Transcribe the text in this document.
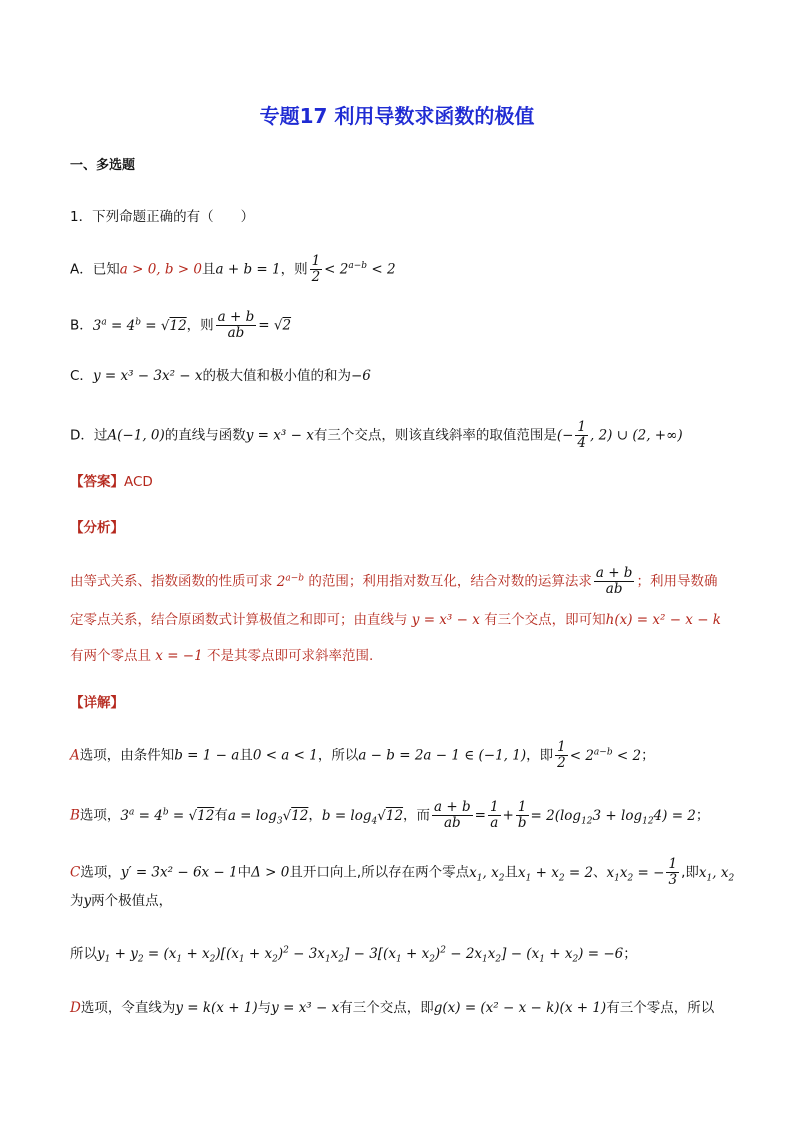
专题17 利用导数求函数的极值
一、多选题
1．下列命题正确的有（　　）
A．已知a > 0, b > 0且a + b = 1，则 $\frac{1}{2} < 2^{a-b} < 2$
B．$3^a = 4^b = √12$，则 $\frac{a + b}{ab} = √2$
C．y = x³ − 3x² − x的极大值和极小值的和为−6
D．过A(−1, 0)的直线与函数y = x³ − x有三个交点，则该直线斜率的取值范围是(− $\frac{1}{4}$ , 2) ∪ (2, +∞)
【答案】ACD
【分析】
由等式关系、指数函数的性质可求 $2^{a-b}$ 的范围；利用指对数互化，结合对数的运算法求 $\frac{a + b}{ab}$ ；利用导数确
定零点关系，结合原函数式计算极值之和即可；由直线与 y = x³ − x 有三个交点，即可知h(x) = x² − x − k
有两个零点且 x = −1 不是其零点即可求斜率范围.
【详解】
A选项，由条件知b = 1 − a且0 < a < 1，所以a − b = 2a − 1 ∈ (−1, 1)，即 $\frac{1}{2} < 2^{a-b} < 2$；
B选项，$3^a = 4^b = √12$有$a = \log_3√12$，$b = \log_4√12$，而 $\frac{a + b}{ab} = \frac{1}{a} + \frac{1}{b} = 2(\log_{12}3 + \log_{12}4) = 2$；
C选项，y′ = 3x² − 6x − 1中Δ > 0且开口向上,所以存在两个零点$x_1$, $x_2$且$x_1 + x_2 = 2$、$x_1x_2$ = − $\frac{1}{3}$ ,即$x_1$, $x_2$
为y两个极值点，
所以$y_1 + y_2 = (x_1 + x_2)[(x_1 + x_2)^2 - 3x_1x_2] - 3[(x_1 + x_2)^2 - 2x_1x_2] - (x_1 + x_2) = -6$；
D选项，令直线为y = k(x + 1)与y = x³ − x有三个交点，即g(x) = (x² − x − k)(x + 1)有三个零点，所以
